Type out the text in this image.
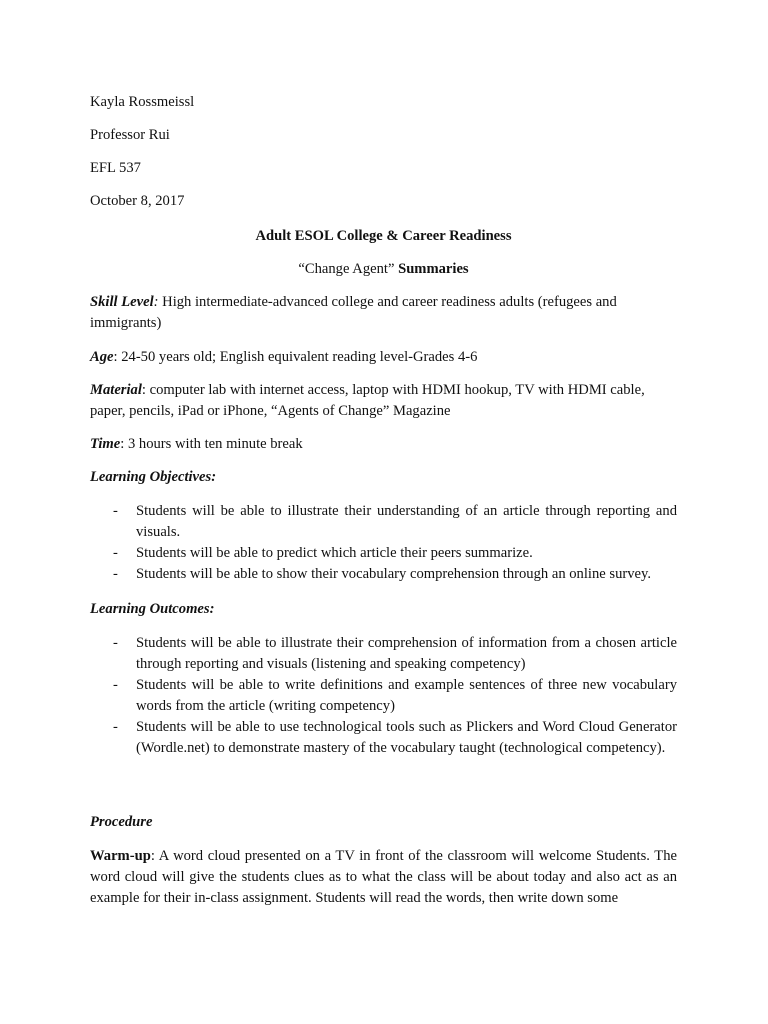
Kayla Rossmeissl
Professor Rui
EFL 537
October 8, 2017
Adult ESOL College & Career Readiness
“Change Agent” Summaries
Skill Level: High intermediate-advanced college and career readiness adults (refugees and immigrants)
Age: 24-50 years old; English equivalent reading level-Grades 4-6
Material: computer lab with internet access, laptop with HDMI hookup, TV with HDMI cable, paper, pencils, iPad or iPhone, “Agents of Change” Magazine
Time: 3 hours with ten minute break
Learning Objectives:
- Students will be able to illustrate their understanding of an article through reporting and visuals.
- Students will be able to predict which article their peers summarize.
- Students will be able to show their vocabulary comprehension through an online survey.
Learning Outcomes:
- Students will be able to illustrate their comprehension of information from a chosen article through reporting and visuals (listening and speaking competency)
- Students will be able to write definitions and example sentences of three new vocabulary words from the article (writing competency)
- Students will be able to use technological tools such as Plickers and Word Cloud Generator (Wordle.net) to demonstrate mastery of the vocabulary taught (technological competency).
Procedure
Warm-up: A word cloud presented on a TV in front of the classroom will welcome Students. The word cloud will give the students clues as to what the class will be about today and also act as an example for their in-class assignment. Students will read the words, then write down some
